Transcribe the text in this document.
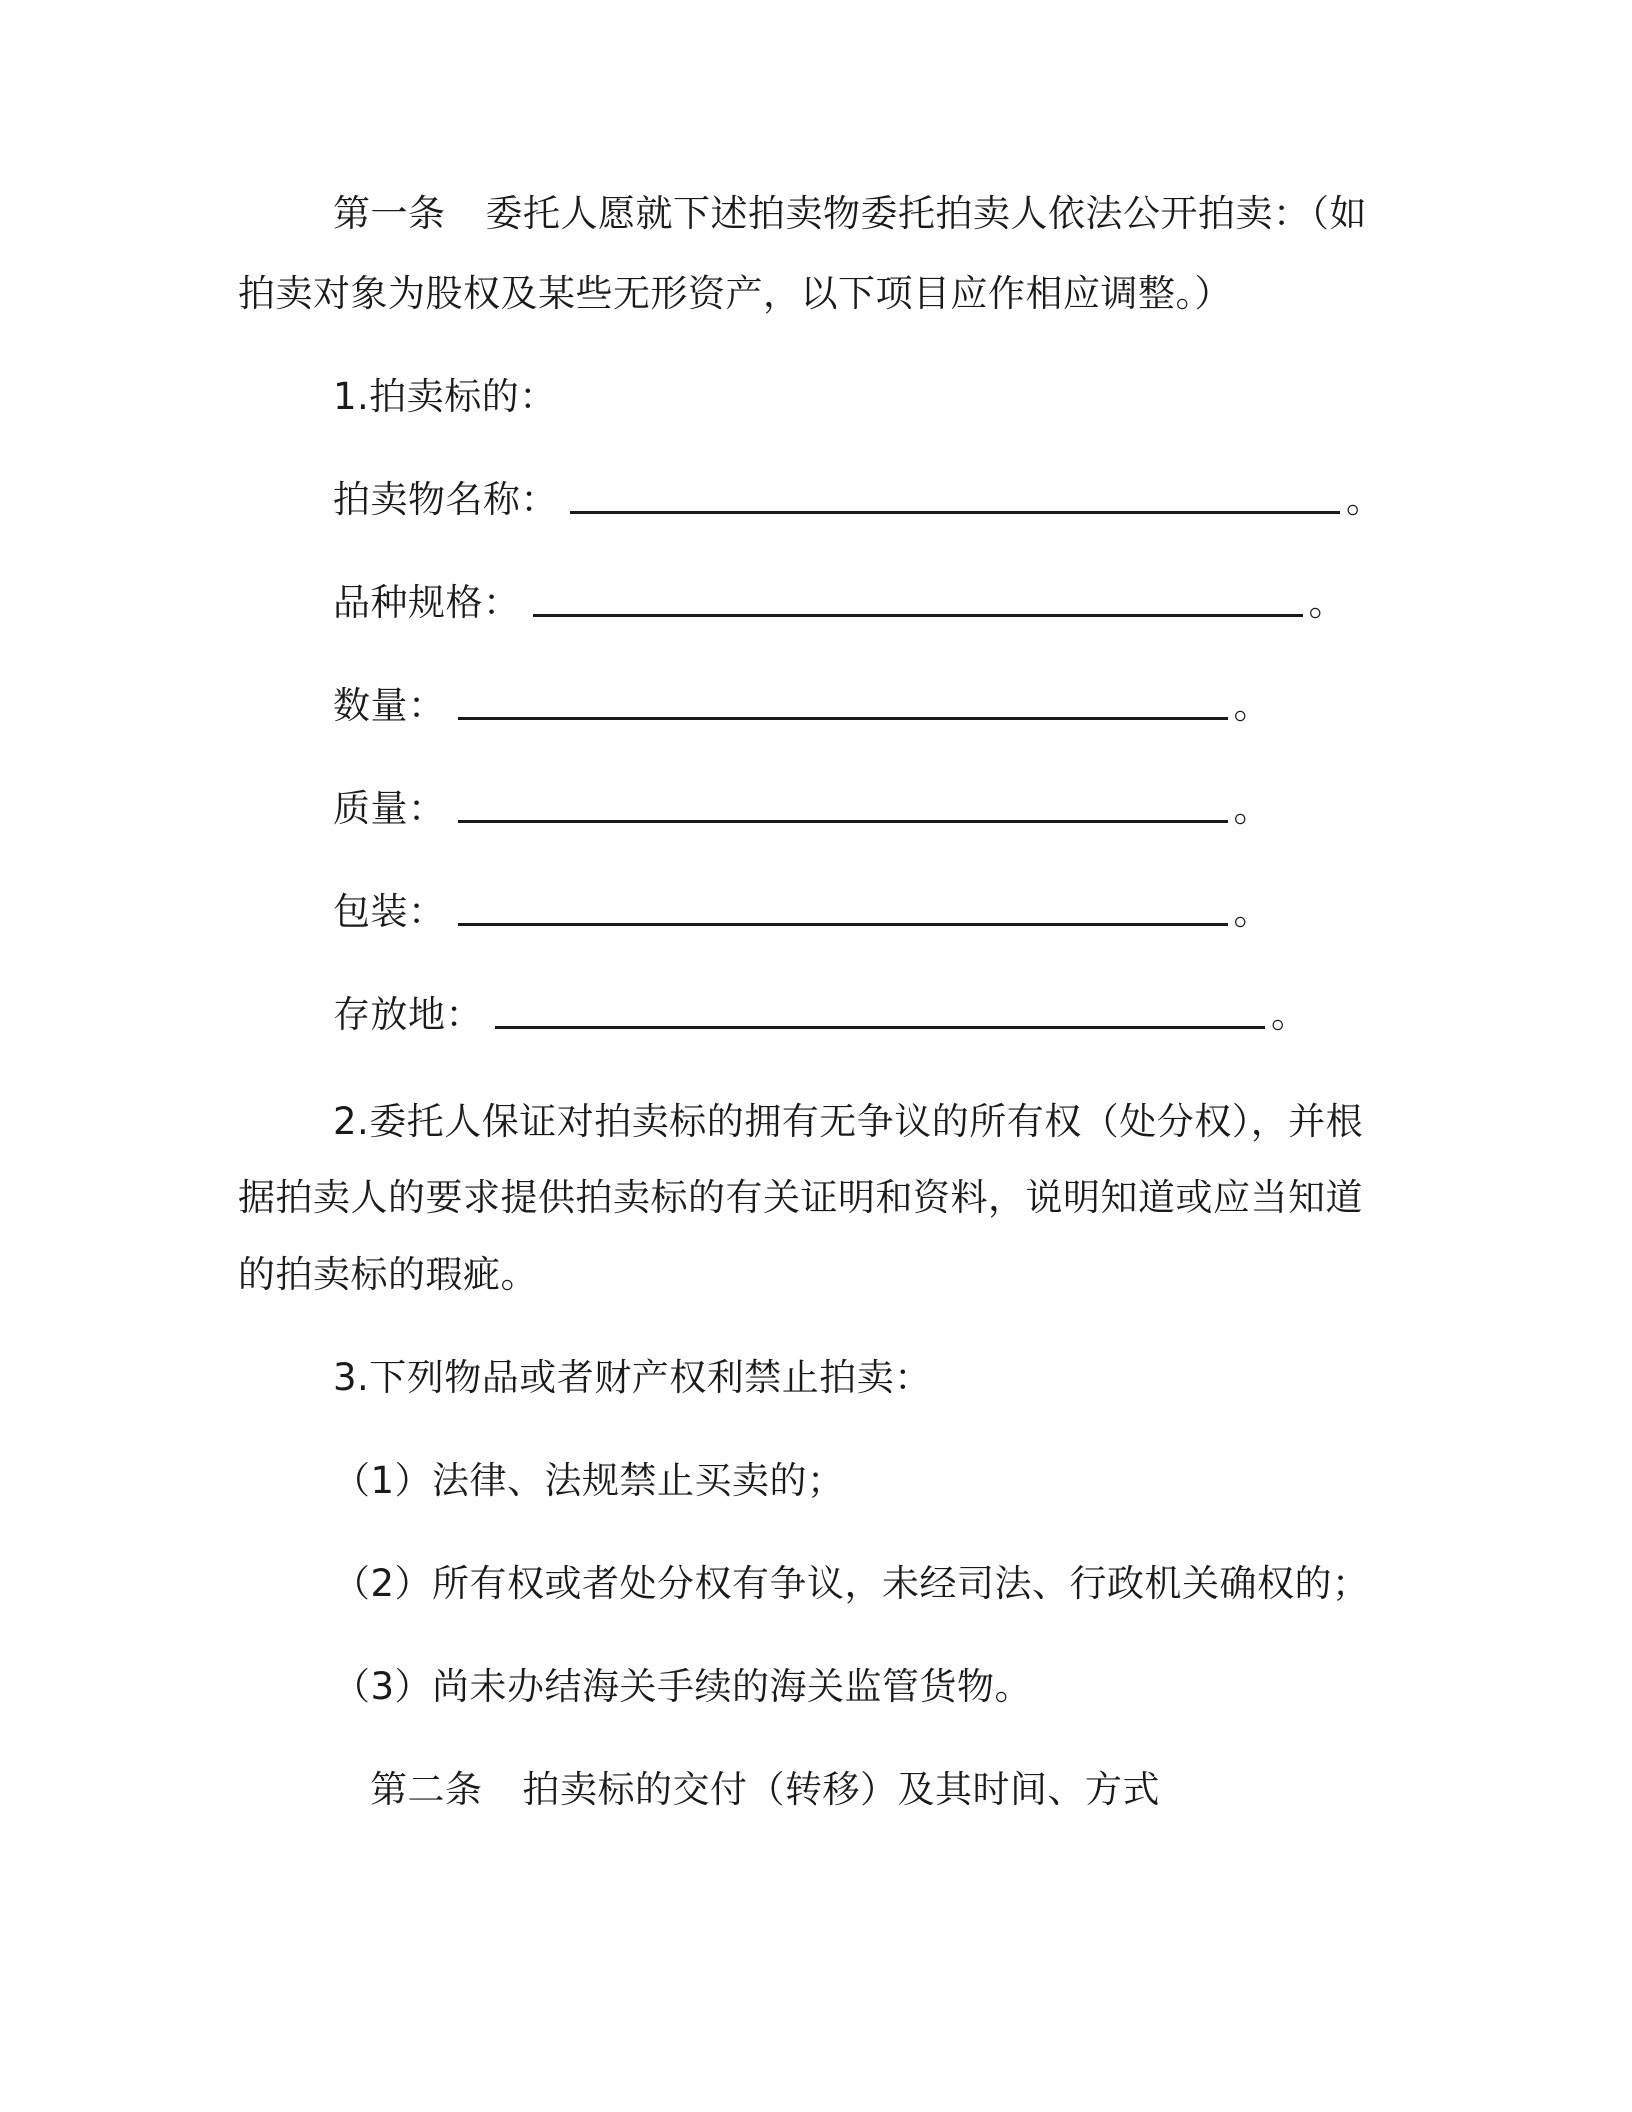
第一条 委托人愿就下述拍卖物委托拍卖人依法公开拍卖：（如
拍卖对象为股权及某些无形资产，以下项目应作相应调整。）
1.拍卖标的：
拍卖物名称：	。
品种规格：	。
数量：	。
质量：	。
包装：	。
存放地：	。
2.委托人保证对拍卖标的拥有无争议的所有权（处分权），并根
据拍卖人的要求提供拍卖标的有关证明和资料，说明知道或应当知道
的拍卖标的瑕疵。
3.下列物品或者财产权利禁止拍卖：
（1）法律、法规禁止买卖的；
（2）所有权或者处分权有争议，未经司法、行政机关确权的；
（3）尚未办结海关手续的海关监管货物。
第二条 拍卖标的交付（转移）及其时间、方式
